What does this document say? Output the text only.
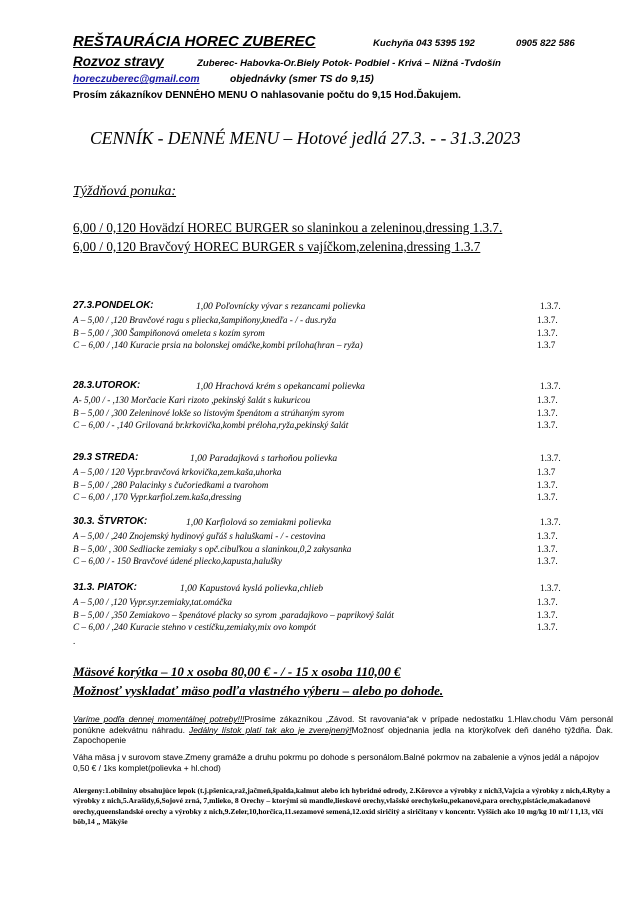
REŠTAURÁCIA HOREC ZUBEREC	Kuchyňa 043 5395 192	0905 822 586
Rozvoz stravy	Zuberec- Habovka-Or.Biely Potok- Podbiel - Krivá – Nižná -Tvdošín
horeczuberec@gmail.com	objednávky (smer TS do 9,15)
Prosím zákazníkov DENNÉHO MENU O nahlasovanie počtu do 9,15 Hod.Ďakujem.
CENNÍK - DENNÉ MENU – Hotové jedlá 27.3. - - 31.3.2023
Týždňová ponuka:
6,00 / 0,120 Hovädzí HOREC BURGER so slaninkou a zeleninou,dressing 1.3.7.
6,00 / 0,120 Bravčový HOREC BURGER s vajíčkom,zelenina,dressing 1.3.7
27.3.PONDELOK:	1,00 Poľovnícky vývar s rezancami polievka	1.3.7.
A – 5,00 / ,120 Bravčové ragu s pliecka,šampiňony,knedľa - / - dus.ryža	1.3.7.
B – 5,00 / ,300 Šampiňonová omeleta s kozím syrom	1.3.7.
C – 6,00 / ,140 Kuracie prsia na bolonskej omáčke,kombi príloha(hran – ryža)	1.3.7
28.3.UTOROK:	1,00 Hrachová krém s opekancami polievka	1.3.7.
A- 5,00 / - ,130 Morčacie Kari rizoto ,pekinský šalát s kukuricou	1.3.7.
B – 5,00 / ,300 Zeleninové lokše so listovým špenátom a strúhaným syrom	1.3.7.
C – 6,00 / - ,140 Grilovaná br.krkovička,kombi préloha,ryža,pekinský šalát	1.3.7.
29.3 STREDA:	1,00 Paradajková s tarhoňou polievka	1.3.7.
A – 5,00 / 120 Vypr.bravčová krkovička,zem.kaša,uhorka	1.3.7
B – 5,00 / ,280 Palacinky s čučoriedkami a tvarohom	1.3.7.
C – 6,00 / ,170 Vypr.karfiol.zem.kaša,dressing	1.3.7.
30.3. ŠTVRTOK:	1,00 Karfiolová so zemiakmi polievka	1.3.7.
A – 5,00 / ,240 Znojemský hydinový guľáš s haluškami - / - cestovina	1.3.7.
B – 5,00/ , 300 Sedliacke zemiaky s opč.cibuľkou a slaninkou,0,2 zakysanka	1.3.7.
C – 6,00 / - 150 Bravčové údené pliecko,kapusta,halušky	1.3.7.
31.3. PIATOK:	1,00 Kapustová kyslá polievka,chlieb	1.3.7.
A – 5,00 / ,120 Vypr.syr.zemiaky,tat.omáčka	1.3.7.
B – 5,00 / ,350 Zemiakovo – špenátové placky so syrom ,paradajkovo – paprikový šalát	1.3.7.
C – 6,00 / ,240 Kuracie stehno v cestíčku,zemiaky,mix ovo kompót	1.3.7.
.
Mäsové korýtka – 10 x osoba 80,00 € - / - 15 x osoba 110,00 €
Možnosť vyskladať mäso podľa vlastného výberu – alebo po dohode.
Varíme podľa dennej momentálnej potreby!!!Prosíme zákazníkou „Závod. St ravovania“ak v prípade nedostatku 1.Hlav.chodu Vám personál ponúkne adekvátnu náhradu. Jedálny lístok platí tak ako je zverejnený!Možnosť objednania jedla na ktorýkoľvek deň daného týždňa. Ďak. Zapochopenie
Váha mäsa j v surovom stave.Zmeny gramáže a druhu pokrmu po dohode s personálom.Balné pokrmov na zabalenie a výnos jedál a nápojov 0,50 € / 1ks komplet(polievka + hl.chod)
Alergeny:1.obilniny obsahujúce lepok (t.j.pšenica,raž,jačmeň,špalda,kalmut alebo ich hybridné odrody, 2.Kôrovce a výrobky z nich3,Vajcia a výrobky z nich,4.Ryby a výrobky z nich,5.Arašidy,6,Sojové zrná, 7,mlieko, 8 Orechy – ktorými sú mandle,lieskové orechy,vlašské orechykešu,pekanové,para orechy,pistácie,makadanové orechy,queenslandské orechy a výrobky z nich,9.Zeler,10,horčica,11.sezamové semená,12.oxid siričitý a siričitany v koncentr. Vyšších ako 10 mg/kg 10 ml/ l 1,13, vlčí bôb,14 „ Mäkýše
